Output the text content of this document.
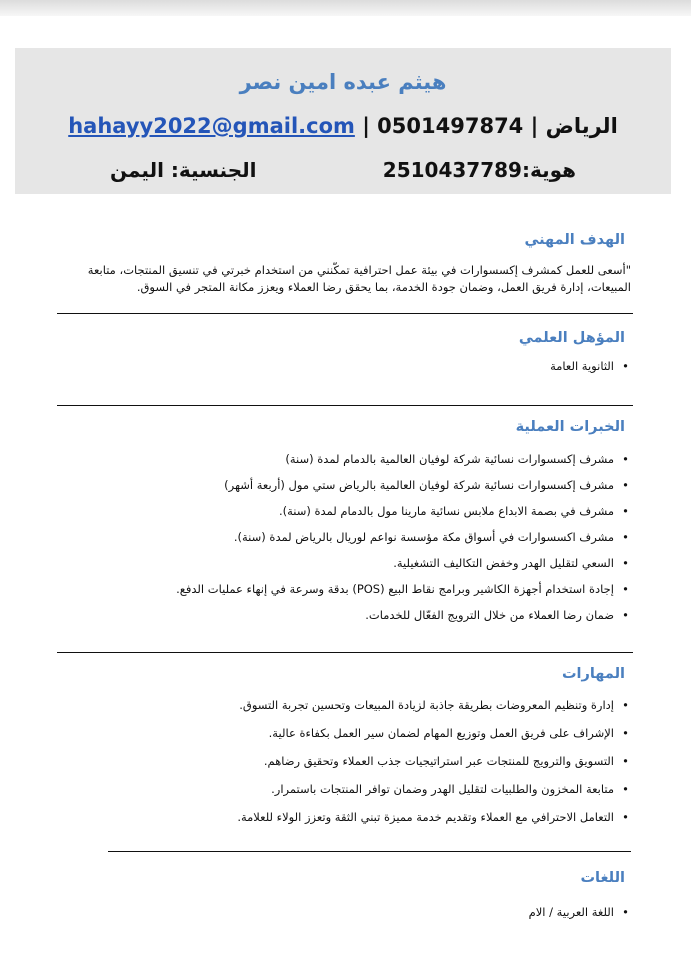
هيثم عبده امين نصر
hahayy2022@gmail.com | 0501497874 | الرياض
هوية:2510437789
الجنسية: اليمن
الهدف المهني
"أسعى للعمل كمشرف إكسسوارات في بيئة عمل احترافية تمكّنني من استخدام خبرتي في تنسيق المنتجات، متابعة المبيعات، إدارة فريق العمل، وضمان جودة الخدمة، بما يحقق رضا العملاء ويعزز مكانة المتجر في السوق.
المؤهل العلمي
•الثانوية العامة
الخبرات العملية
•مشرف إكسسوارات نسائية شركة لوفيان العالمية بالدمام لمدة (سنة)
•مشرف إكسسوارات نسائية شركة لوفيان العالمية بالرياض ستي مول (أربعة أشهر)
•مشرف في بصمة الابداع ملابس نسائية مارينا مول بالدمام لمدة (سنة).
•مشرف اكسسوارات في أسواق مكة مؤسسة نواعم لوريال بالرياض لمدة (سنة).
•السعي لتقليل الهدر وخفض التكاليف التشغيلية.
•إجادة استخدام أجهزة الكاشير وبرامج نقاط البيع (POS) بدقة وسرعة في إنهاء عمليات الدفع.
•ضمان رضا العملاء من خلال الترويج الفعّال للخدمات.
المهارات
•إدارة وتنظيم المعروضات بطريقة جاذبة لزيادة المبيعات وتحسين تجربة التسوق.
•الإشراف على فريق العمل وتوزيع المهام لضمان سير العمل بكفاءة عالية.
•التسويق والترويج للمنتجات عبر استراتيجيات جذب العملاء وتحقيق رضاهم.
•متابعة المخزون والطلبيات لتقليل الهدر وضمان توافر المنتجات باستمرار.
•التعامل الاحترافي مع العملاء وتقديم خدمة مميزة تبني الثقة وتعزز الولاء للعلامة.
اللغات
•اللغة العربية / الام
